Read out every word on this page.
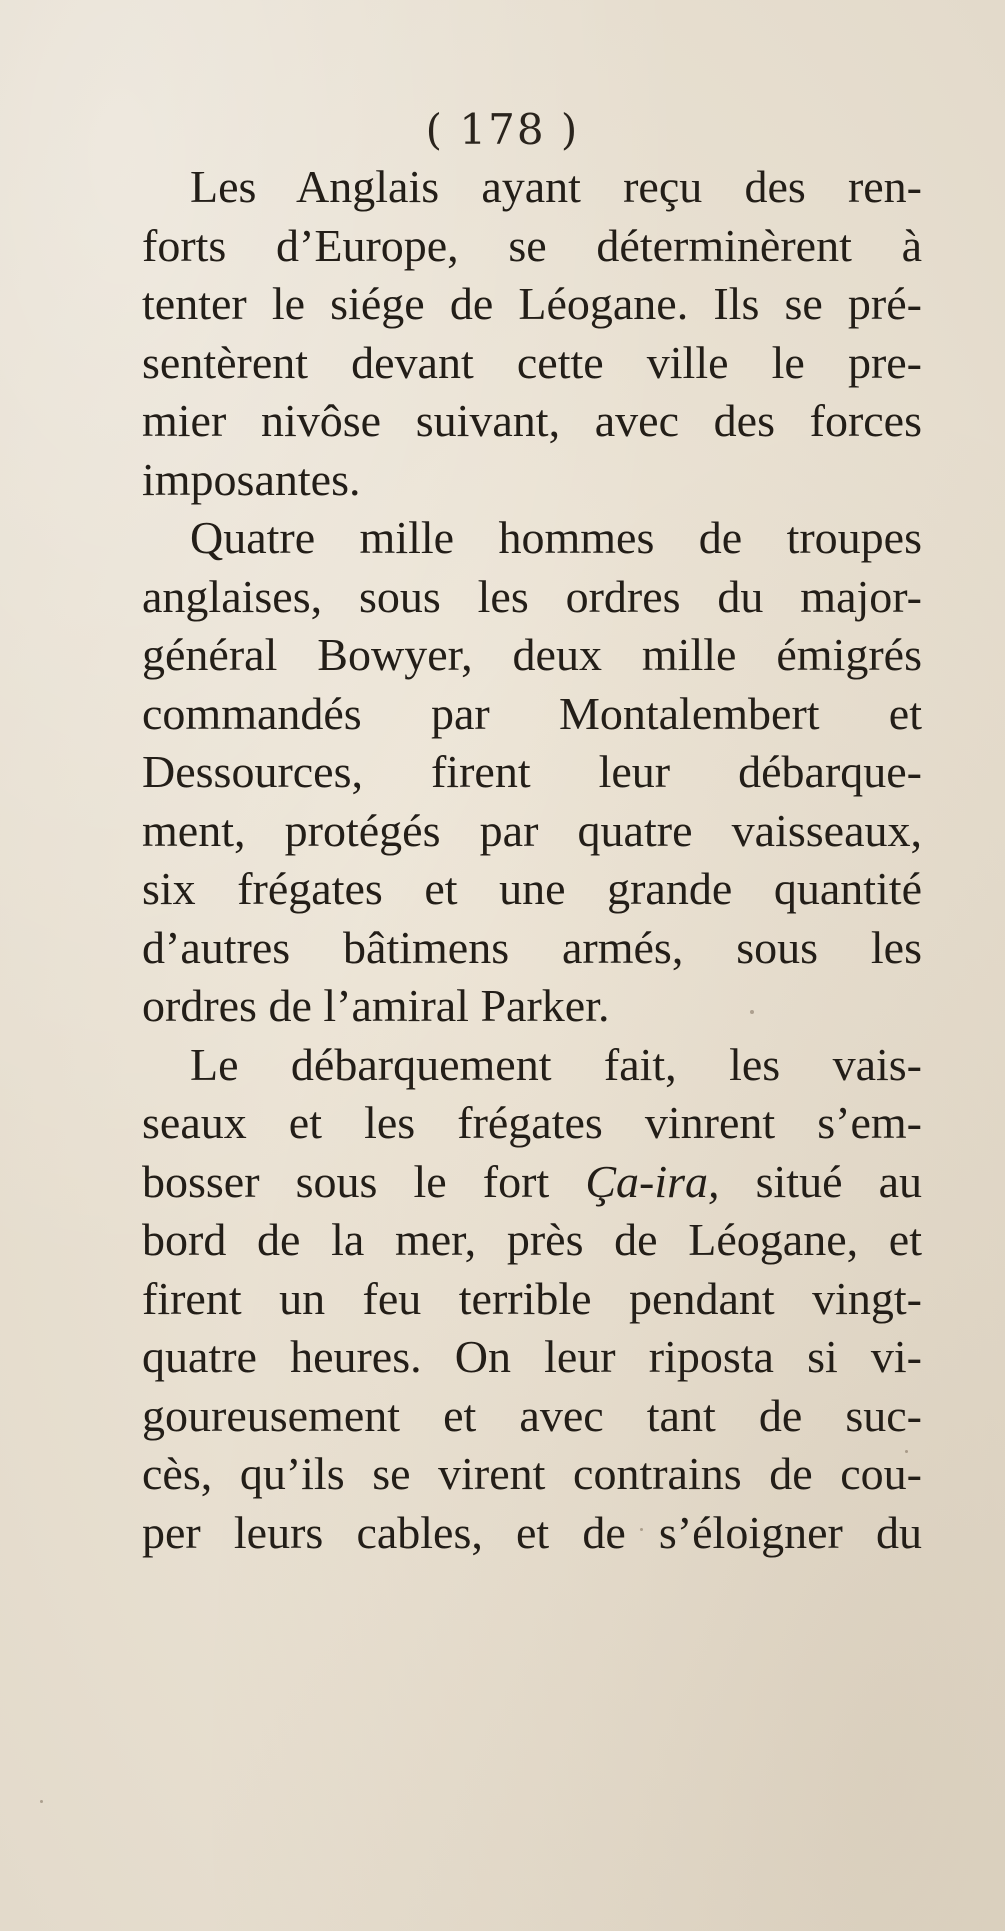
( 178 )
Les Anglais ayant reçu des ren-
forts d’Europe, se déterminèrent à
tenter le siége de Léogane. Ils se pré-
sentèrent devant cette ville le pre-
mier nivôse suivant, avec des forces
imposantes.
Quatre mille hommes de troupes
anglaises, sous les ordres du major-
général Bowyer, deux mille émigrés
commandés par Montalembert et
Dessources, firent leur débarque-
ment, protégés par quatre vaisseaux,
six frégates et une grande quantité
d’autres bâtimens armés, sous les
ordres de l’amiral Parker.
Le débarquement fait, les vais-
seaux et les frégates vinrent s’em-
bosser sous le fort Ça-ira, situé au
bord de la mer, près de Léogane, et
firent un feu terrible pendant vingt-
quatre heures. On leur riposta si vi-
goureusement et avec tant de suc-
cès, qu’ils se virent contrains de cou-
per leurs cables, et de s’éloigner du
